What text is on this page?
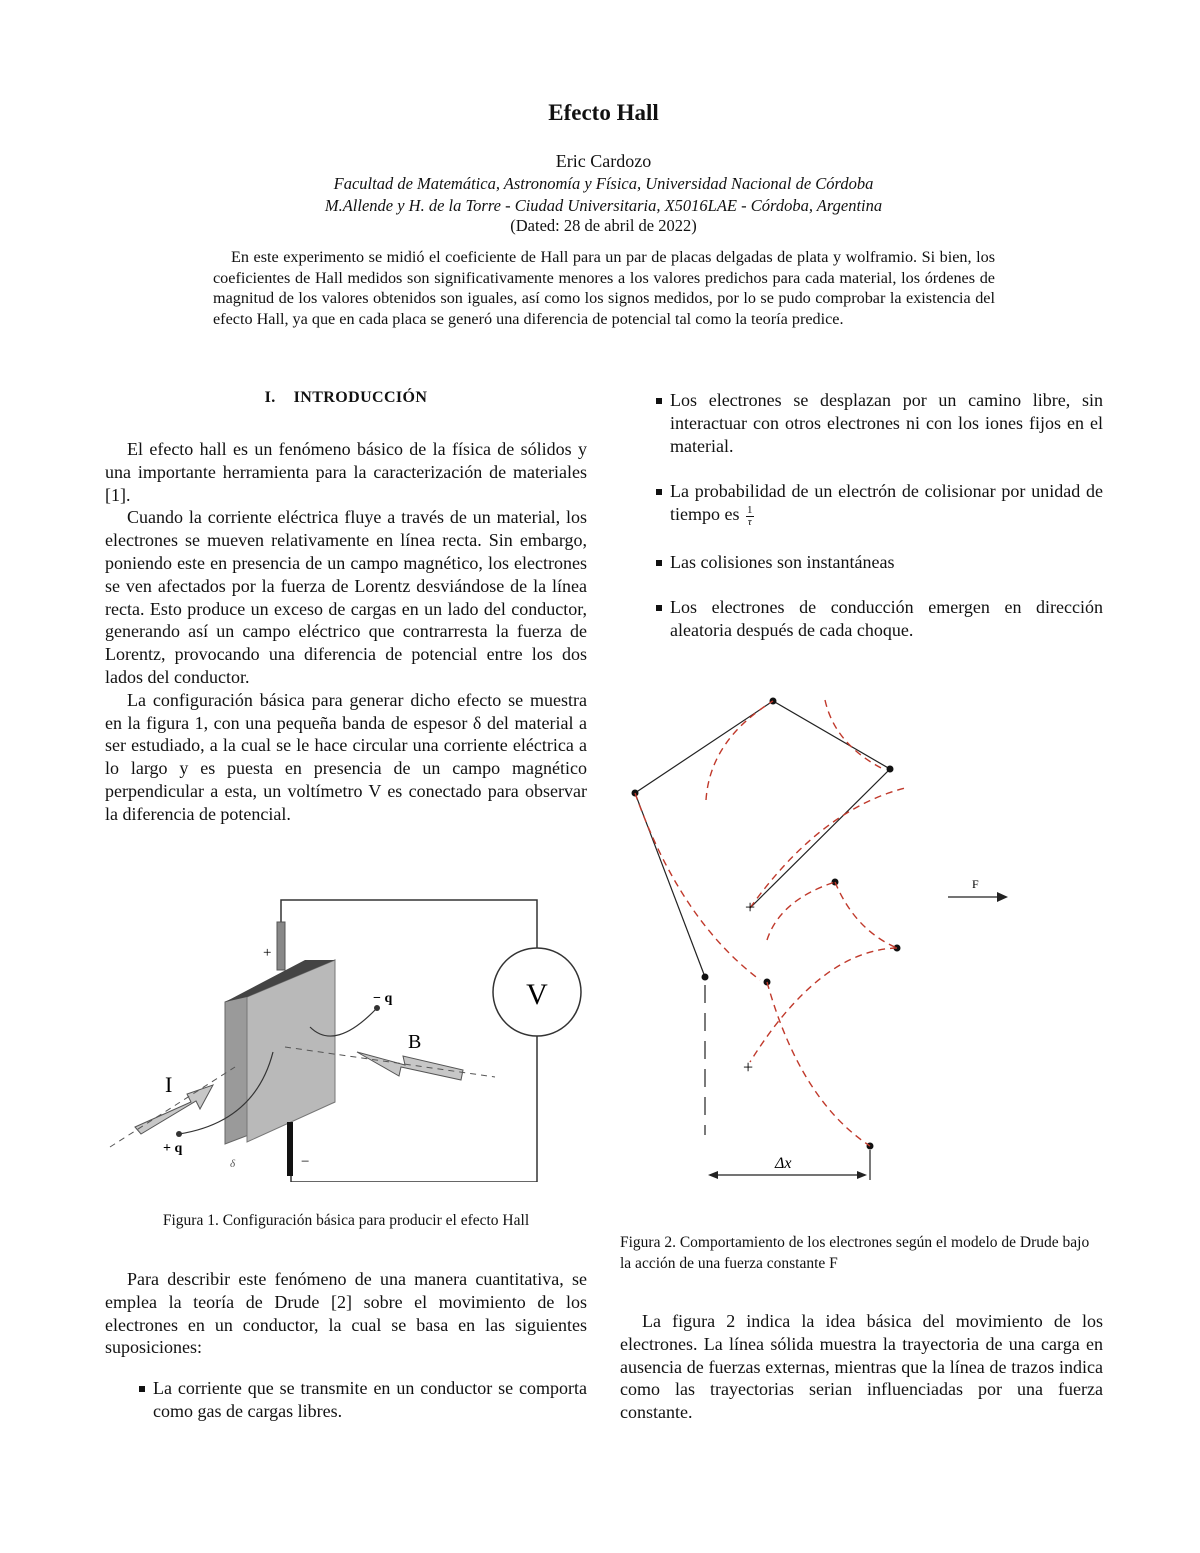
Efecto Hall
Eric Cardozo
Facultad de Matemática, Astronomía y Física, Universidad Nacional de Córdoba
M.Allende y H. de la Torre - Ciudad Universitaria, X5016LAE - Córdoba, Argentina
(Dated: 28 de abril de 2022)
En este experimento se midió el coeficiente de Hall para un par de placas delgadas de plata y wolframio. Si bien, los coeficientes de Hall medidos son significativamente menores a los valores predichos para cada material, los órdenes de magnitud de los valores obtenidos son iguales, así como los signos medidos, por lo se pudo comprobar la existencia del efecto Hall, ya que en cada placa se generó una diferencia de potencial tal como la teoría predice.
I. INTRODUCCIÓN

El efecto hall es un fenómeno básico de la física de sólidos y una importante herramienta para la caracterización de materiales [1].

Cuando la corriente eléctrica fluye a través de un material, los electrones se mueven relativamente en línea recta. Sin embargo, poniendo este en presencia de un campo magnético, los electrones se ven afectados por la fuerza de Lorentz desviándose de la línea recta. Esto produce un exceso de cargas en un lado del conductor, generando así un campo eléctrico que contrarresta la fuerza de Lorentz, provocando una diferencia de potencial entre los dos lados del conductor.

La configuración básica para generar dicho efecto se muestra en la figura 1, con una pequeña banda de espesor δ del material a ser estudiado, a la cual se le hace circular una corriente eléctrica a lo largo y es puesta en presencia de un campo magnético perpendicular a esta, un voltímetro V es conectado para observar la diferencia de potencial.

V
+
−
δ
B
I
+ q
− q
Figura 1. Configuración básica para producir el efecto Hall

Para describir este fenómeno de una manera cuantitativa, se emplea la teoría de Drude [2] sobre el movimiento de los electrones en un conductor, la cual se basa en las siguientes suposiciones:

La corriente que se transmite en un conductor se comporta como gas de cargas libres.
Los electrones se desplazan por un camino libre, sin interactuar con otros electrones ni con los iones fijos en el material.
La probabilidad de un electrón de colisionar por unidad de tiempo es $\frac{1}{\tau}$
Las colisiones son instantáneas
Los electrones de conducción emergen en dirección aleatoria después de cada choque.
+
+
F
Δx
Figura 2. Comportamiento de los electrones según el modelo de Drude bajo la acción de una fuerza constante F

La figura 2 indica la idea básica del movimiento de los electrones. La línea sólida muestra la trayectoria de una carga en ausencia de fuerzas externas, mientras que la línea de trazos indica como las trayectorias serian influenciadas por una fuerza constante.
